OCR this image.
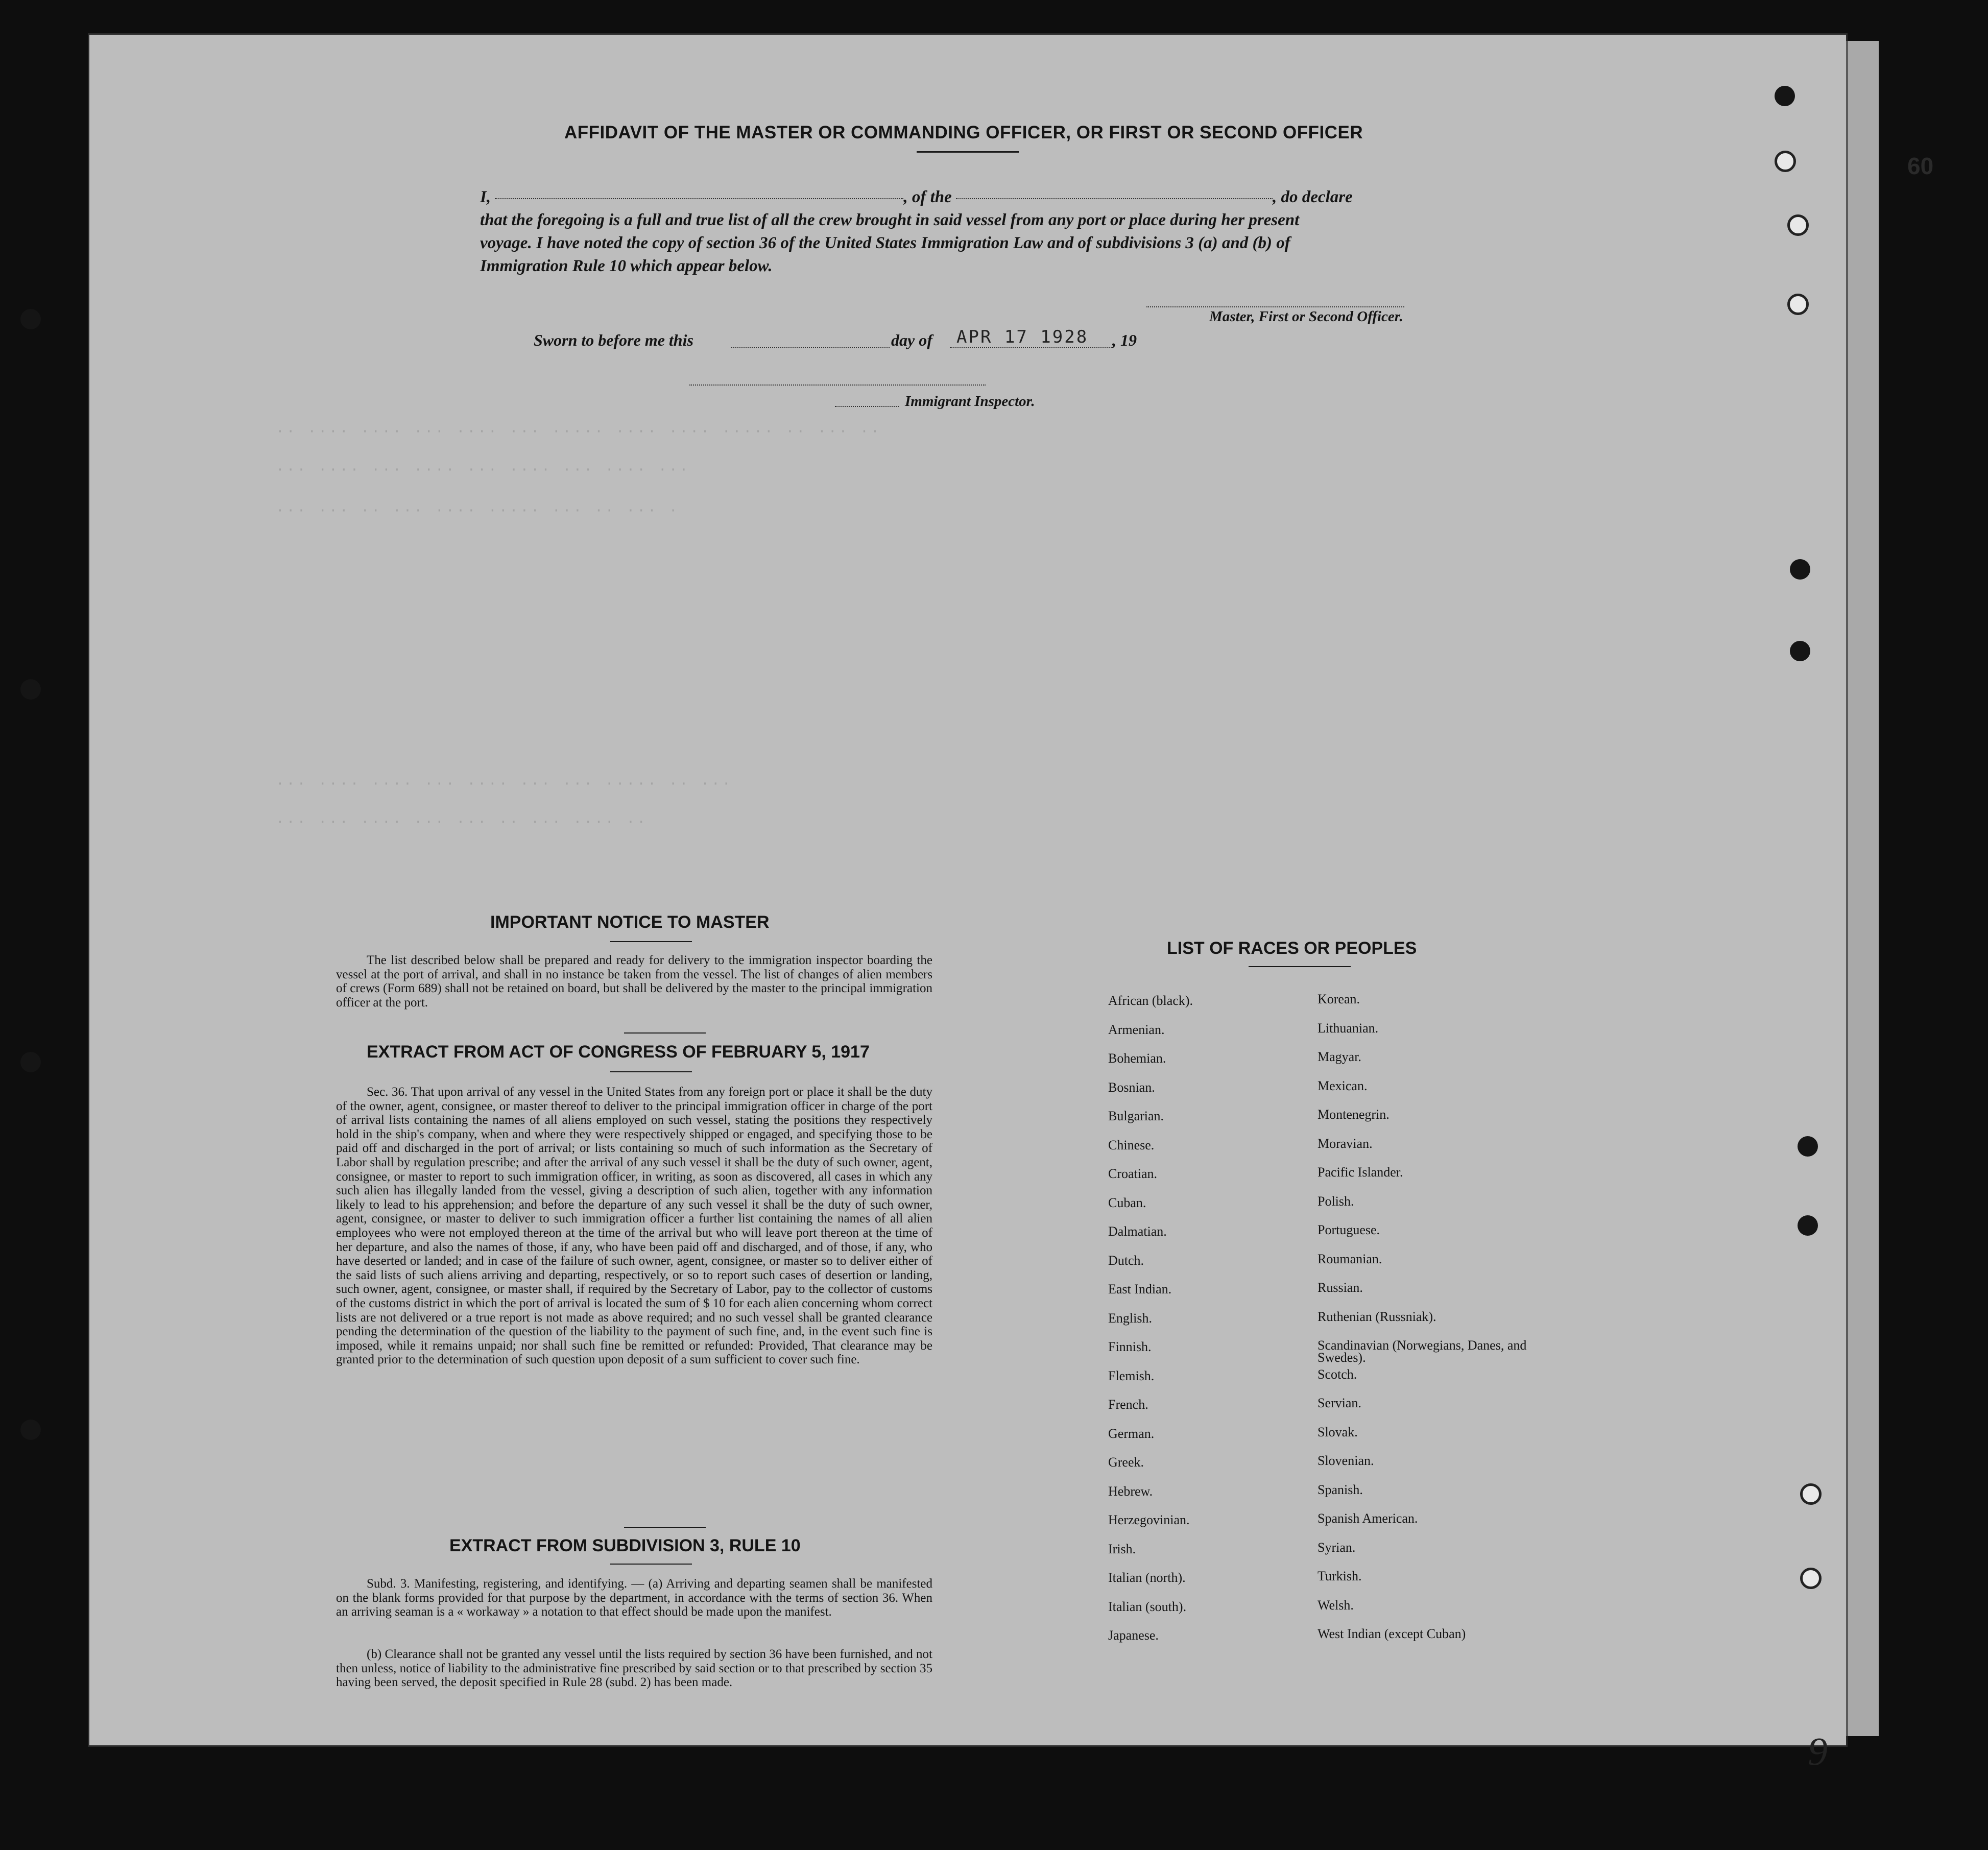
·· ···· ···· ··· ···· ··· ····· ···· ···· ····· ·· ··· ··
··· ···· ··· ···· ··· ···· ··· ···· ···
··· ··· ·· ··· ···· ····· ··· ·· ··· ·
··· ···· ···· ··· ···· ··· ··· ····· ·· ···
··· ··· ···· ··· ··· ·· ··· ···· ··
60
9
AFFIDAVIT OF THE MASTER OR COMMANDING OFFICER, OR FIRST OR SECOND OFFICER
I,	, of the	, do declare
that the foregoing is a full and true list of all the crew brought in said vessel from any port or place during her present
voyage. I have noted the copy of section 36 of the United States Immigration Law and of subdivisions 3 (a) and (b) of
Immigration Rule 10 which appear below.
Master, First or Second Officer.
Sworn to before me this	day of APR 17 1928 , 19
Immigrant Inspector.
IMPORTANT NOTICE TO MASTER
The list described below shall be prepared and ready for delivery to the immigration inspector boarding the vessel at the port of arrival, and shall in no instance be taken from the vessel. The list of changes of alien members of crews (Form 689) shall not be retained on board, but shall be delivered by the master to the principal immigration officer at the port.
EXTRACT FROM ACT OF CONGRESS OF FEBRUARY 5, 1917
Sec. 36. That upon arrival of any vessel in the United States from any foreign port or place it shall be the duty of the owner, agent, consignee, or master thereof to deliver to the principal immigration officer in charge of the port of arrival lists containing the names of all aliens employed on such vessel, stating the positions they respectively hold in the ship's company, when and where they were respectively shipped or engaged, and specifying those to be paid off and discharged in the port of arrival; or lists containing so much of such information as the Secretary of Labor shall by regulation prescribe; and after the arrival of any such vessel it shall be the duty of such owner, agent, consignee, or master to report to such immigration officer, in writing, as soon as discovered, all cases in which any such alien has illegally landed from the vessel, giving a description of such alien, together with any information likely to lead to his apprehension; and before the departure of any such vessel it shall be the duty of such owner, agent, consignee, or master to deliver to such immigration officer a further list containing the names of all alien employees who were not employed thereon at the time of the arrival but who will leave port thereon at the time of her departure, and also the names of those, if any, who have been paid off and discharged, and of those, if any, who have deserted or landed; and in case of the failure of such owner, agent, consignee, or master so to deliver either of the said lists of such aliens arriving and departing, respectively, or so to report such cases of desertion or landing, such owner, agent, consignee, or master shall, if required by the Secretary of Labor, pay to the collector of customs of the customs district in which the port of arrival is located the sum of $ 10 for each alien concerning whom correct lists are not delivered or a true report is not made as above required; and no such vessel shall be granted clearance pending the determination of the question of the liability to the payment of such fine, and, in the event such fine is imposed, while it remains unpaid; nor shall such fine be remitted or refunded: Provided, That clearance may be granted prior to the determination of such question upon deposit of a sum sufficient to cover such fine.
EXTRACT FROM SUBDIVISION 3, RULE 10
Subd. 3. Manifesting, registering, and identifying. — (a) Arriving and departing seamen shall be manifested on the blank forms provided for that purpose by the department, in accordance with the terms of section 36. When an arriving seaman is a « workaway » a notation to that effect should be made upon the manifest.
(b) Clearance shall not be granted any vessel until the lists required by section 36 have been furnished, and not then unless, notice of liability to the administrative fine prescribed by said section or to that prescribed by section 35 having been served, the deposit specified in Rule 28 (subd. 2) has been made.
LIST OF RACES OR PEOPLES
African (black).	Korean.
Armenian.	Lithuanian.
Bohemian.	Magyar.
Bosnian.	Mexican.
Bulgarian.	Montenegrin.
Chinese.	Moravian.
Croatian.	Pacific Islander.
Cuban.	Polish.
Dalmatian.	Portuguese.
Dutch.	Roumanian.
East Indian.	Russian.
English.	Ruthenian (Russniak).
Finnish.	Scandinavian (Norwegians, Danes, and Swedes).
Flemish.	Scotch.
French.	Servian.
German.	Slovak.
Greek.	Slovenian.
Hebrew.	Spanish.
Herzegovinian.	Spanish American.
Irish.	Syrian.
Italian (north).	Turkish.
Italian (south).	Welsh.
Japanese.	West Indian (except Cuban)
